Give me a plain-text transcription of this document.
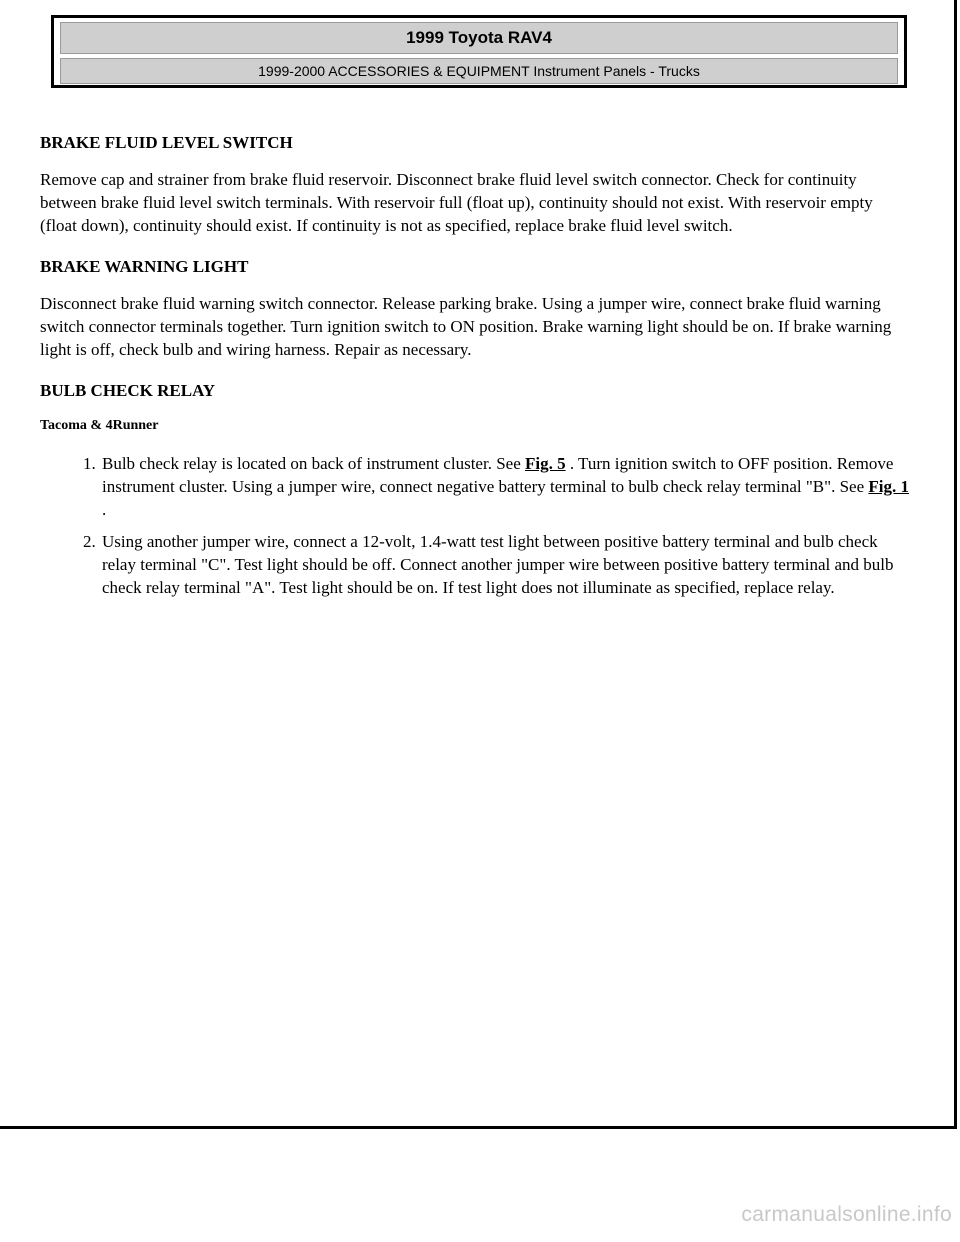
1999 Toyota RAV4
1999-2000 ACCESSORIES & EQUIPMENT Instrument Panels - Trucks
BRAKE FLUID LEVEL SWITCH

Remove cap and strainer from brake fluid reservoir. Disconnect brake fluid level switch connector. Check for continuity between brake fluid level switch terminals. With reservoir full (float up), continuity should not exist. With reservoir empty (float down), continuity should exist. If continuity is not as specified, replace brake fluid level switch.

BRAKE WARNING LIGHT

Disconnect brake fluid warning switch connector. Release parking brake. Using a jumper wire, connect brake fluid warning switch connector terminals together. Turn ignition switch to ON position. Brake warning light should be on. If brake warning light is off, check bulb and wiring harness. Repair as necessary.

BULB CHECK RELAY
Tacoma & 4Runner
1. Bulb check relay is located on back of instrument cluster. See Fig. 5 . Turn ignition switch to OFF position. Remove instrument cluster. Using a jumper wire, connect negative battery terminal to bulb check relay terminal "B". See Fig. 1 .
2. Using another jumper wire, connect a 12-volt, 1.4-watt test light between positive battery terminal and bulb check relay terminal "C". Test light should be off. Connect another jumper wire between positive battery terminal and bulb check relay terminal "A". Test light should be on. If test light does not illuminate as specified, replace relay.
carmanualsonline.info
